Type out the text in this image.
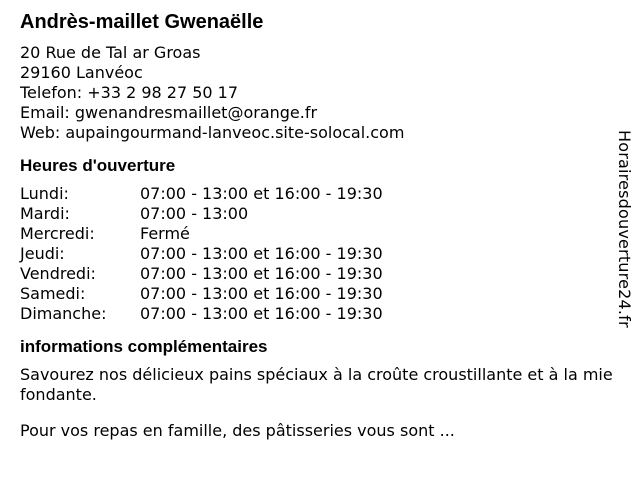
Andrès-maillet Gwenaëlle
20 Rue de Tal ar Groas
29160 Lanvéoc
Telefon: +33 2 98 27 50 17
Email: gwenandresmaillet@orange.fr
Web: aupaingourmand-lanveoc.site-solocal.com
Heures d'ouverture
Lundi:	07:00 - 13:00 et 16:00 - 19:30
Mardi:	07:00 - 13:00
Mercredi:	Fermé
Jeudi:	07:00 - 13:00 et 16:00 - 19:30
Vendredi:	07:00 - 13:00 et 16:00 - 19:30
Samedi:	07:00 - 13:00 et 16:00 - 19:30
Dimanche:	07:00 - 13:00 et 16:00 - 19:30
informations complémentaires

Savourez nos délicieux pains spéciaux à la croûte croustillante et à la mie fondante.

Pour vos repas en famille, des pâtisseries vous sont ...

Horairesdouverture24.fr
